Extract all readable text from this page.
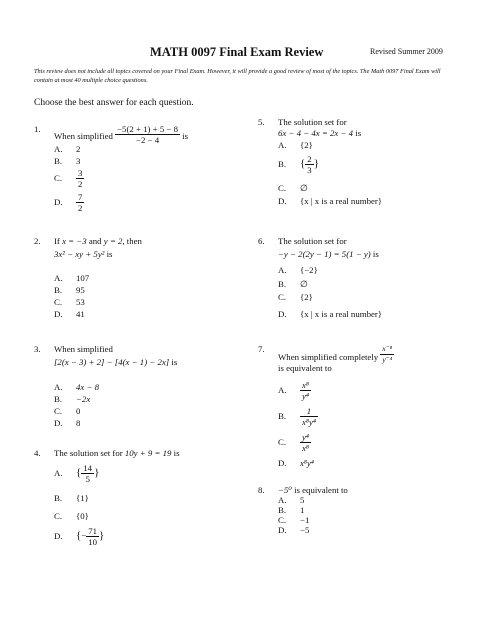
MATH 0097 Final Exam Review	Revised Summer 2009
This review does not include all topics covered on your Final Exam. However, it will provide a good review of most of the topics. The Math 0097 Final Exam will contain at most 40 multiple choice questions.
Choose the best answer for each question.
1.
When simplified $\frac{-5(2 + 1) + 5 - 8}{-2 - 4}$ is
A. 2
B. 3
C. $\frac{3}{2}$
D. $\frac{7}{2}$
5. The solution set for
6x − 4 − 4x = 2x − 4 is
A. {2}
B. { $\frac{2}{3}$ }
C. ∅
D. {x | x is a real number}
2. If x = −3 and y = 2, then
3x² − xy + 5y² is
A. 107
B. 95
C. 53
D. 41
6. The solution set for
−y − 2(2y − 1) = 5(1 − y) is
A. {−2}
B. ∅
C. {2}
D. {x | x is a real number}
3. When simplified
[2(x − 3) + 2] − [4(x − 1) − 2x] is
A. 4x − 8
B. −2x
C. 0
D. 8
7.
When simplified completely $\frac{\text{x⁻⁸}}{\text{y⁻⁴}}$
is equivalent to
A. $\frac{\text{x⁸}}{\text{y⁴}}$
B. $\frac{1}{\text{x⁸y⁴}}$
C. $\frac{\text{y⁴}}{\text{x⁸}}$
D. x⁸y⁴
4. The solution set for 10y + 9 = 19 is
A. { $\frac{14}{5}$ }
B. {1}
C. {0}
D. {− $\frac{71}{10}$ }
8. −5⁰ is equivalent to
A. 5
B. 1
C. −1
D. −5
